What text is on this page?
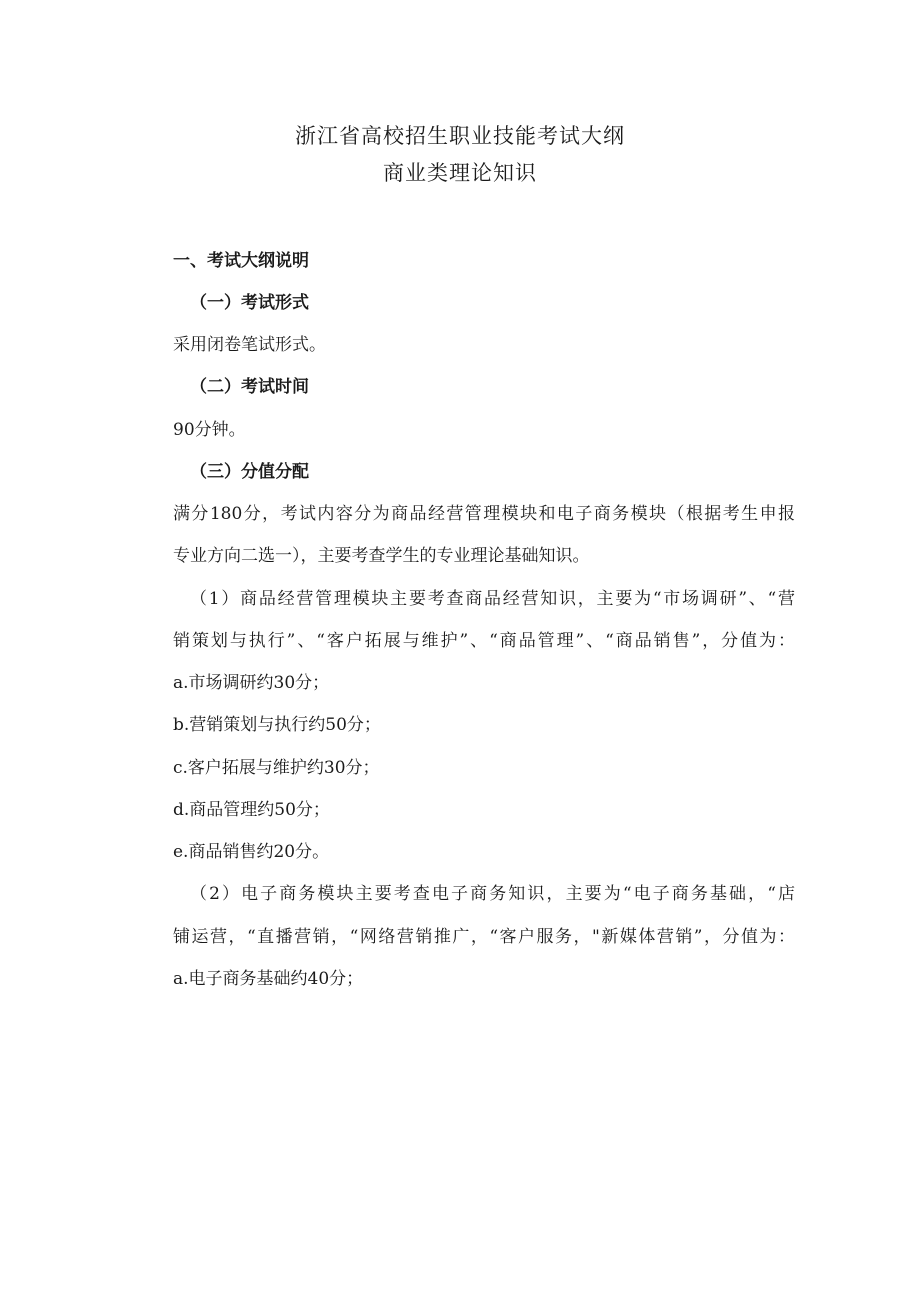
浙江省高校招生职业技能考试大纲
商业类理论知识
一、考试大纲说明
（一）考试形式
采用闭卷笔试形式。
（二）考试时间
90分钟。
（三）分值分配
满分180分，考试内容分为商品经营管理模块和电子商务模块（根据考生申报
专业方向二选一），主要考查学生的专业理论基础知识。
（1）商品经营管理模块主要考查商品经营知识，主要为“市场调研”、“营
销策划与执行”、“客户拓展与维护”、“商品管理”、“商品销售”，分值为：
a.市场调研约30分；
b.营销策划与执行约50分；
c.客户拓展与维护约30分；
d.商品管理约50分；
e.商品销售约20分。
（2）电子商务模块主要考查电子商务知识，主要为“电子商务基础，“店
铺运营，“直播营销，“网络营销推广，“客户服务，"新媒体营销”，分值为：
a.电子商务基础约40分；
